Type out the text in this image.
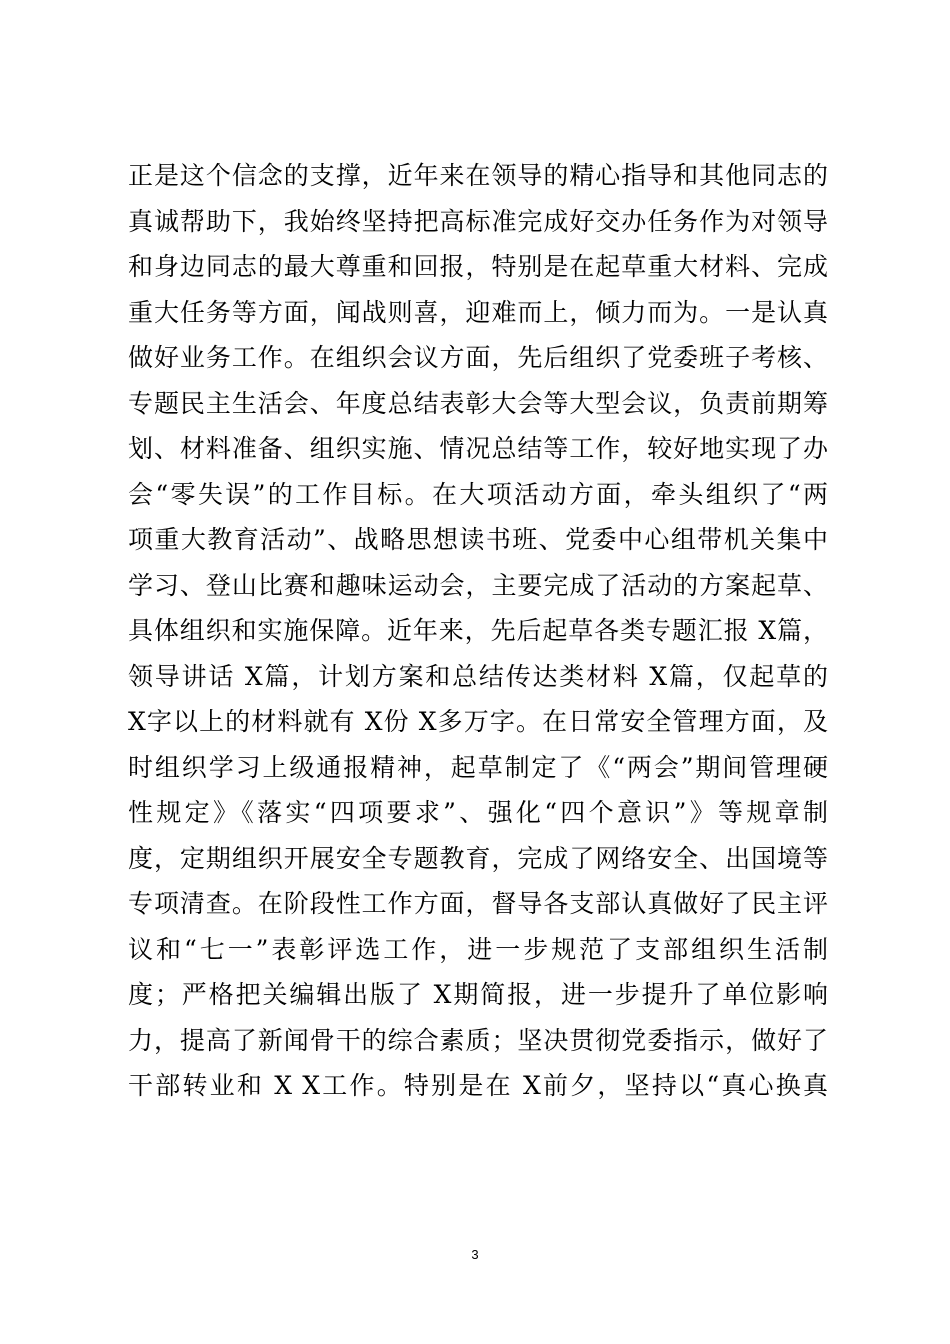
正是这个信念的支撑，近年来在领导的精心指导和其他同志的
真诚帮助下，我始终坚持把高标准完成好交办任务作为对领导
和身边同志的最大尊重和回报，特别是在起草重大材料、完成
重大任务等方面，闻战则喜，迎难而上，倾力而为。一是认真
做好业务工作。在组织会议方面，先后组织了党委班子考核、
专题民主生活会、年度总结表彰大会等大型会议，负责前期筹
划、材料准备、组织实施、情况总结等工作，较好地实现了办
会“零失误”的工作目标。在大项活动方面，牵头组织了“两
项重大教育活动”、战略思想读书班、党委中心组带机关集中
学习、登山比赛和趣味运动会，主要完成了活动的方案起草、
具体组织和实施保障。近年来，先后起草各类专题汇报 X篇，
领导讲话 X篇，计划方案和总结传达类材料 X篇，仅起草的
X字以上的材料就有 X份 X多万字。在日常安全管理方面，及
时组织学习上级通报精神，起草制定了《“两会”期间管理硬
性规定》《落实“四项要求”、强化“四个意识”》等规章制
度，定期组织开展安全专题教育，完成了网络安全、出国境等
专项清查。在阶段性工作方面，督导各支部认真做好了民主评
议和“七一”表彰评选工作，进一步规范了支部组织生活制
度；严格把关编辑出版了 X期简报，进一步提升了单位影响
力，提高了新闻骨干的综合素质；坚决贯彻党委指示，做好了
干部转业和 X X工作。特别是在 X前夕，坚持以“真心换真
3
